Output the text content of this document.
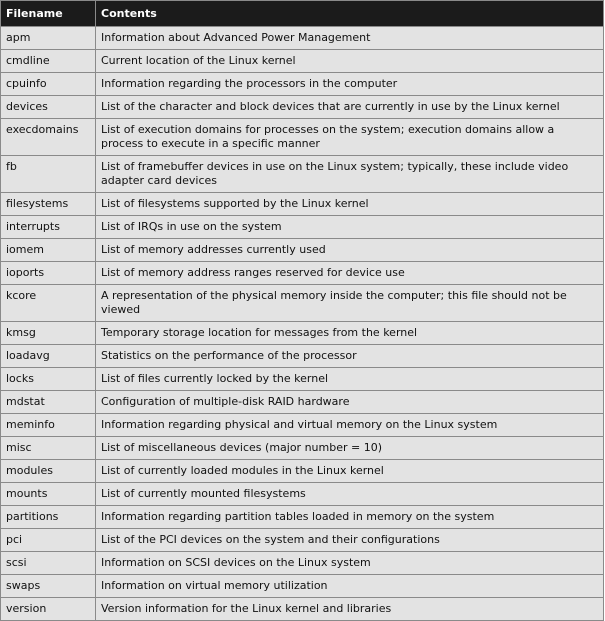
Filename	Contents
apm	Information about Advanced Power Management
cmdline	Current location of the Linux kernel
cpuinfo	Information regarding the processors in the computer
devices	List of the character and block devices that are currently in use by the Linux kernel
execdomains	List of execution domains for processes on the system; execution domains allow a process to execute in a specific manner
fb	List of framebuffer devices in use on the Linux system; typically, these include video adapter card devices
filesystems	List of filesystems supported by the Linux kernel
interrupts	List of IRQs in use on the system
iomem	List of memory addresses currently used
ioports	List of memory address ranges reserved for device use
kcore	A representation of the physical memory inside the computer; this file should not be viewed
kmsg	Temporary storage location for messages from the kernel
loadavg	Statistics on the performance of the processor
locks	List of files currently locked by the kernel
mdstat	Configuration of multiple-disk RAID hardware
meminfo	Information regarding physical and virtual memory on the Linux system
misc	List of miscellaneous devices (major number = 10)
modules	List of currently loaded modules in the Linux kernel
mounts	List of currently mounted filesystems
partitions	Information regarding partition tables loaded in memory on the system
pci	List of the PCI devices on the system and their configurations
scsi	Information on SCSI devices on the Linux system
swaps	Information on virtual memory utilization
version	Version information for the Linux kernel and libraries
